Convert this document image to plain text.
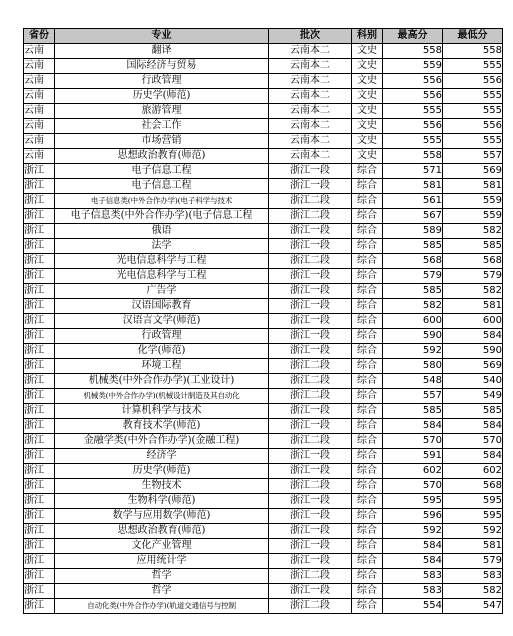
省份	专业	批次	科别	最高分	最低分
云南	翻译	云南本二	文史	558	558
云南	国际经济与贸易	云南本二	文史	559	555
云南	行政管理	云南本二	文史	556	556
云南	历史学(师范)	云南本二	文史	556	555
云南	旅游管理	云南本二	文史	555	555
云南	社会工作	云南本二	文史	556	556
云南	市场营销	云南本二	文史	555	555
云南	思想政治教育(师范)	云南本二	文史	558	557
浙江	电子信息工程	浙江一段	综合	571	569
浙江	电子信息工程	浙江一段	综合	581	581
浙江	电子信息类(中外合作办学)(电子科学与技术	浙江二段	综合	561	559
浙江	电子信息类(中外合作办学)(电子信息工程	浙江二段	综合	567	559
浙江	俄语	浙江一段	综合	589	582
浙江	法学	浙江一段	综合	585	585
浙江	光电信息科学与工程	浙江二段	综合	568	568
浙江	光电信息科学与工程	浙江一段	综合	579	579
浙江	广告学	浙江一段	综合	585	582
浙江	汉语国际教育	浙江一段	综合	582	581
浙江	汉语言文学(师范)	浙江一段	综合	600	600
浙江	行政管理	浙江一段	综合	590	584
浙江	化学(师范)	浙江一段	综合	592	590
浙江	环境工程	浙江二段	综合	580	569
浙江	机械类(中外合作办学)(工业设计)	浙江二段	综合	548	540
浙江	机械类(中外合作办学)(机械设计制造及其自动化	浙江二段	综合	557	549
浙江	计算机科学与技术	浙江一段	综合	585	585
浙江	教育技术学(师范)	浙江一段	综合	584	584
浙江	金融学类(中外合作办学)(金融工程)	浙江二段	综合	570	570
浙江	经济学	浙江一段	综合	591	584
浙江	历史学(师范)	浙江一段	综合	602	602
浙江	生物技术	浙江二段	综合	570	568
浙江	生物科学(师范)	浙江一段	综合	595	595
浙江	数学与应用数学(师范)	浙江一段	综合	596	595
浙江	思想政治教育(师范)	浙江一段	综合	592	592
浙江	文化产业管理	浙江一段	综合	584	581
浙江	应用统计学	浙江一段	综合	584	579
浙江	哲学	浙江二段	综合	583	583
浙江	哲学	浙江一段	综合	583	582
浙江	自动化类(中外合作办学)(轨道交通信号与控制	浙江二段	综合	554	547
